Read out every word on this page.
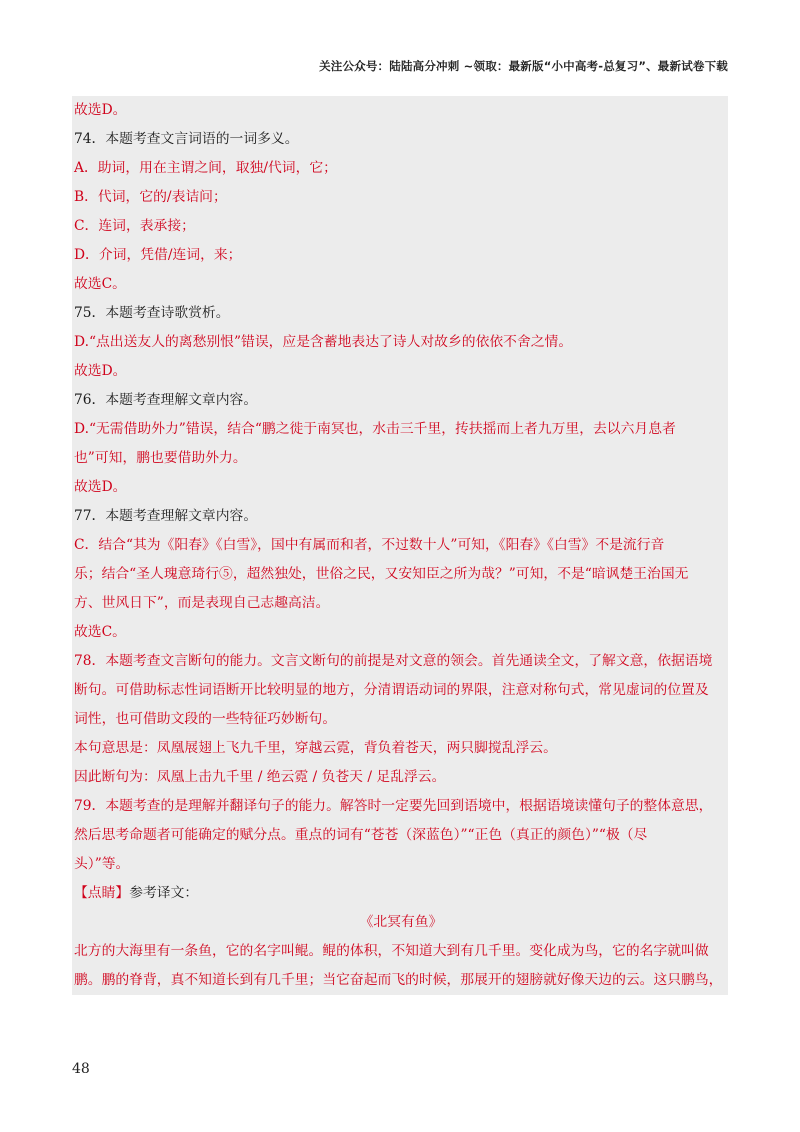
关注公众号：陆陆高分冲刺 ~领取：最新版“小中高考-总复习”、最新试卷下载
故选D。
74．本题考查文言词语的一词多义。
A．助词，用在主谓之间，取独/代词，它；
B．代词，它的/表诘问；
C．连词，表承接；
D．介词，凭借/连词，来；
故选C。
75．本题考查诗歌赏析。
D.“点出送友人的离愁别恨”错误，应是含蓄地表达了诗人对故乡的依依不舍之情。
故选D。
76．本题考查理解文章内容。
D.“无需借助外力”错误，结合“鹏之徙于南冥也，水击三千里，抟扶摇而上者九万里，去以六月息者
也”可知，鹏也要借助外力。
故选D。
77．本题考查理解文章内容。
C．结合“其为《阳春》《白雪》，国中有属而和者，不过数十人”可知，《阳春》《白雪》不是流行音
乐；结合“圣人瑰意琦行⑤，超然独处，世俗之民，又安知臣之所为哉？”可知，不是“暗讽楚王治国无
方、世风日下”，而是表现自己志趣高洁。
故选C。
78．本题考查文言断句的能力。文言文断句的前提是对文意的领会。首先通读全文，了解文意，依据语境
断句。可借助标志性词语断开比较明显的地方，分清谓语动词的界限，注意对称句式，常见虚词的位置及
词性，也可借助文段的一些特征巧妙断句。
本句意思是：凤凰展翅上飞九千里，穿越云霓，背负着苍天，两只脚搅乱浮云。
因此断句为：凤凰上击九千里 / 绝云霓 / 负苍天 / 足乱浮云。
79．本题考查的是理解并翻译句子的能力。解答时一定要先回到语境中，根据语境读懂句子的整体意思，
然后思考命题者可能确定的赋分点。重点的词有“苍苍（深蓝色）”“正色（真正的颜色）”“极（尽
头）”等。
【点睛】参考译文：
《北冥有鱼》
北方的大海里有一条鱼，它的名字叫鲲。鲲的体积，不知道大到有几千里。变化成为鸟，它的名字就叫做
鹏。鹏的脊背，真不知道长到有几千里；当它奋起而飞的时候，那展开的翅膀就好像天边的云。这只鹏鸟，
48
